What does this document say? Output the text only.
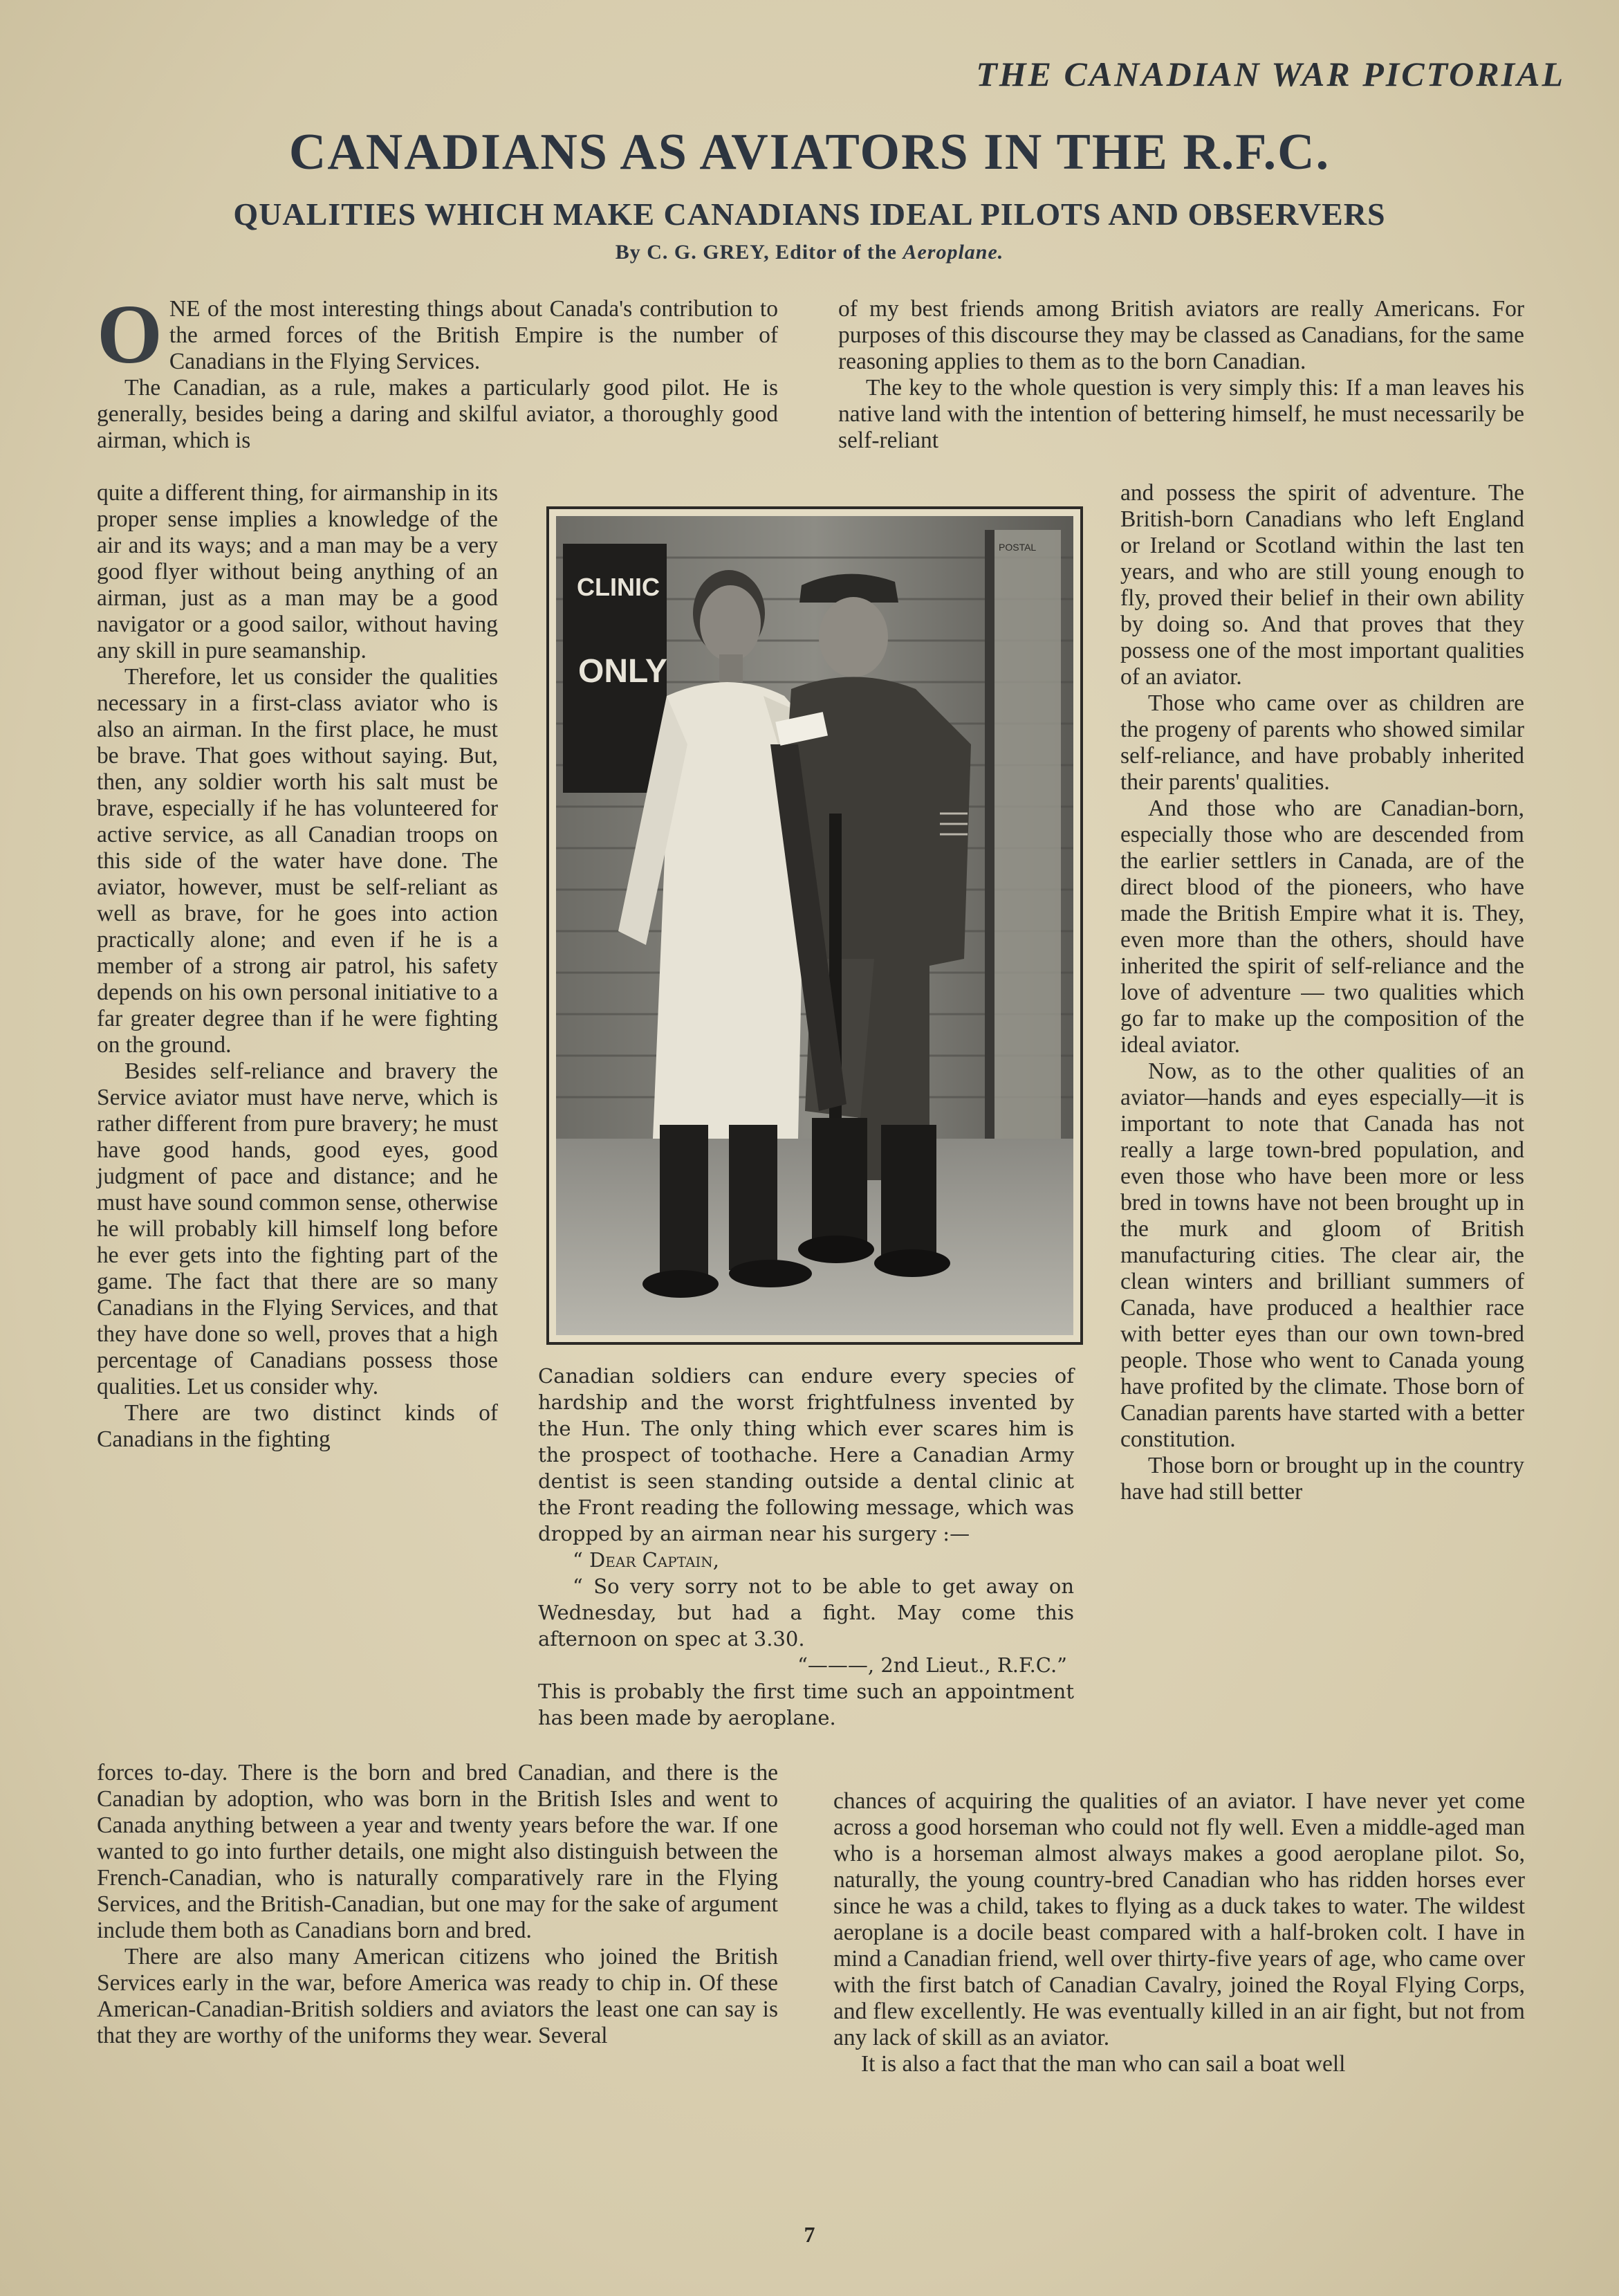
THE CANADIAN WAR PICTORIAL
CANADIANS AS AVIATORS IN THE R.F.C.
QUALITIES WHICH MAKE CANADIANS IDEAL PILOTS AND OBSERVERS
By C. G. GREY, Editor of the Aeroplane.

ONE of the most interesting things about Canada's contribution to the armed forces of the British Empire is the number of Canadians in the Flying Services.

The Canadian, as a rule, makes a particularly good pilot. He is generally, besides being a daring and skilful aviator, a thoroughly good airman, which is

quite a different thing, for airmanship in its proper sense implies a knowledge of the air and its ways; and a man may be a very good flyer without being anything of an airman, just as a man may be a good navigator or a good sailor, without having any skill in pure seamanship.

Therefore, let us consider the qualities necessary in a first-class aviator who is also an airman. In the first place, he must be brave. That goes without saying. But, then, any soldier worth his salt must be brave, especially if he has volunteered for active service, as all Canadian troops on this side of the water have done. The aviator, however, must be self-reliant as well as brave, for he goes into action practically alone; and even if he is a member of a strong air patrol, his safety depends on his own personal initiative to a far greater degree than if he were fighting on the ground.

Besides self-reliance and bravery the Service aviator must have nerve, which is rather different from pure bravery; he must have good hands, good eyes, good judgment of pace and distance; and he must have sound common sense, otherwise he will probably kill himself long before he ever gets into the fighting part of the game. The fact that there are so many Canadians in the Flying Services, and that they have done so well, proves that a high percentage of Canadians possess those qualities. Let us consider why.

There are two distinct kinds of Canadians in the fighting

forces to-day. There is the born and bred Canadian, and there is the Canadian by adoption, who was born in the British Isles and went to Canada anything between a year and twenty years before the war. If one wanted to go into further details, one might also distinguish between the French-Canadian, who is naturally comparatively rare in the Flying Services, and the British-Canadian, but one may for the sake of argument include them both as Canadians born and bred.

There are also many American citizens who joined the British Services early in the war, before America was ready to chip in. Of these American-Canadian-British soldiers and aviators the least one can say is that they are worthy of the uniforms they wear. Several

of my best friends among British aviators are really Americans. For purposes of this discourse they may be classed as Canadians, for the same reasoning applies to them as to the born Canadian.

The key to the whole question is very simply this: If a man leaves his native land with the intention of bettering himself, he must necessarily be self-reliant

and possess the spirit of adventure. The British-born Canadians who left England or Ireland or Scotland within the last ten years, and who are still young enough to fly, proved their belief in their own ability by doing so. And that proves that they possess one of the most important qualities of an aviator.

Those who came over as children are the progeny of parents who showed similar self-reliance, and have probably inherited their parents' qualities.

And those who are Canadian-born, especially those who are descended from the earlier settlers in Canada, are of the direct blood of the pioneers, who have made the British Empire what it is. They, even more than the others, should have inherited the spirit of self-reliance and the love of adventure — two qualities which go far to make up the composition of the ideal aviator.

Now, as to the other qualities of an aviator—hands and eyes especially—it is important to note that Canada has not really a large town-bred population, and even those who have been more or less bred in towns have not been brought up in the murk and gloom of British manufacturing cities. The clear air, the clean winters and brilliant summers of Canada, have produced a healthier race with better eyes than our own town-bred people. Those who went to Canada young have profited by the climate. Those born of Canadian parents have started with a better constitution.

Those born or brought up in the country have had still better

chances of acquiring the qualities of an aviator. I have never yet come across a good horseman who could not fly well. Even a middle-aged man who is a horseman almost always makes a good aeroplane pilot. So, naturally, the young country-bred Canadian who has ridden horses ever since he was a child, takes to flying as a duck takes to water. The wildest aeroplane is a docile beast compared with a half-broken colt. I have in mind a Canadian friend, well over thirty-five years of age, who came over with the first batch of Canadian Cavalry, joined the Royal Flying Corps, and flew excellently. He was eventually killed in an air fight, but not from any lack of skill as an aviator.

It is also a fact that the man who can sail a boat well

POSTAL
CLINIC
ONLY

Canadian soldiers can endure every species of hardship and the worst frightfulness invented by the Hun. The only thing which ever scares him is the prospect of toothache. Here a Canadian Army dentist is seen standing outside a dental clinic at the Front reading the following message, which was dropped by an airman near his surgery :—

“ Dear Captain,

“ So very sorry not to be able to get away on Wednesday, but had a fight. May come this afternoon on spec at 3.30.

“———, 2nd Lieut., R.F.C.”

This is probably the first time such an appointment has been made by aeroplane.

7
